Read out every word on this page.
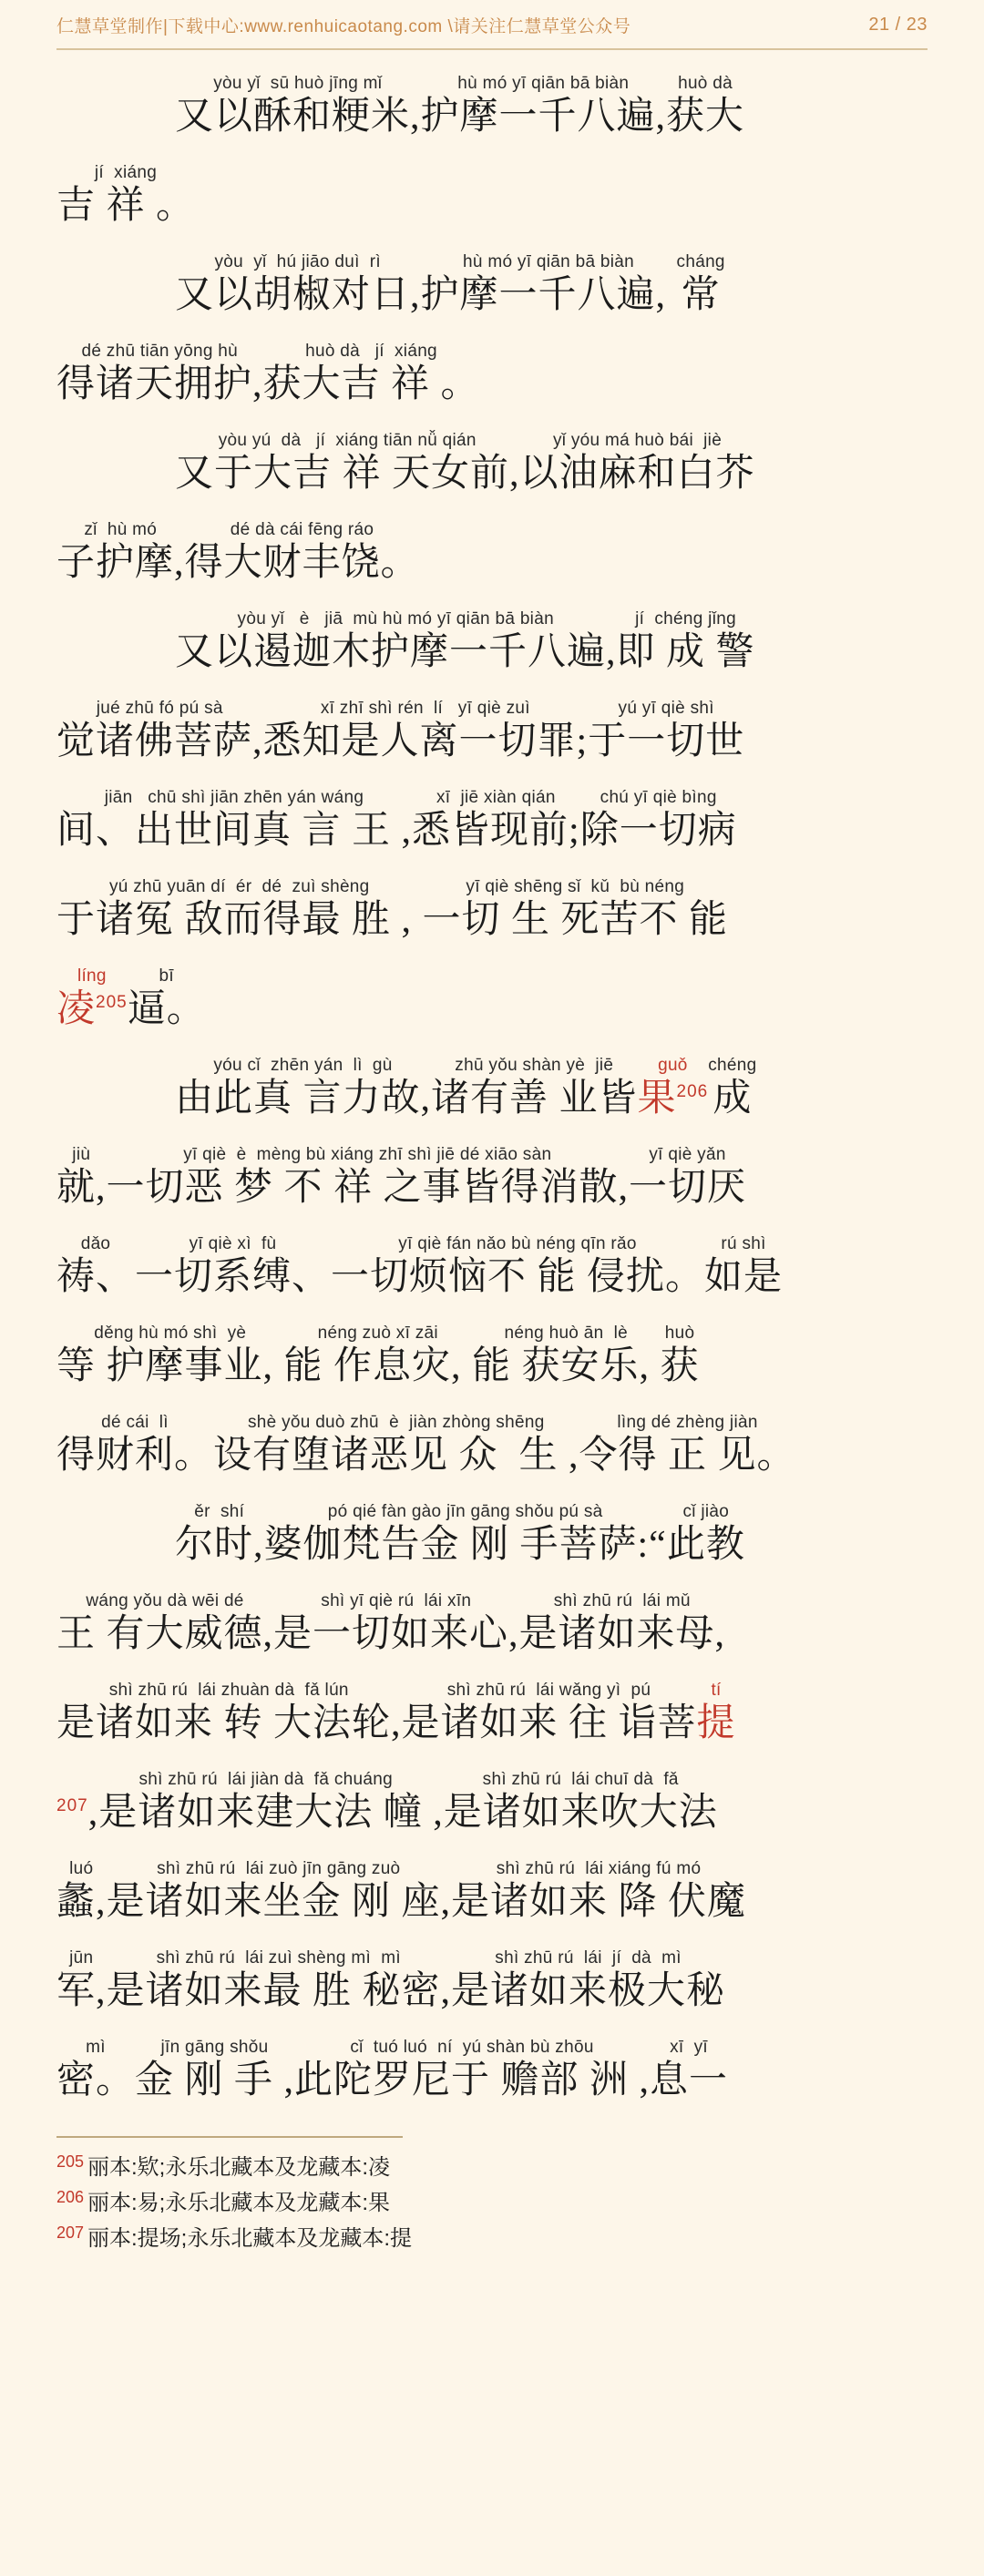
仁慧草堂制作|下载中心:www.renhuicaotang.com \请关注仁慧草堂公众号	21 / 23
yòu yǐ  sū huò jīng mǐ
又以酥和粳米,
hù mó yī qiān bā biàn
护摩一千八遍,
huò dà
获大
jí  xiáng
吉 祥 。
yòu  yǐ  hú jiāo duì  rì
又以胡椒对日,
hù mó yī qiān bā biàn
护摩一千八遍,
cháng
常
dé zhū tiān yōng hù
得诸天拥护,
huò dà   jí  xiáng
获大吉 祥 。
yòu yú  dà   jí  xiáng tiān nǚ qián
又于大吉 祥 天女前,
yǐ yóu má huò bái  jiè
以油麻和白芥
zǐ  hù mó
子护摩,
dé dà cái fēng ráo
得大财丰饶。
yòu yǐ   è   jiā  mù hù mó yī qiān bā biàn
又以遏迦木护摩一千八遍,
jí  chéng jǐng
即 成 警
jué zhū fó pú sà
觉诸佛菩萨,
xī zhī shì rén  lí   yī qiè zuì
悉知是人离一切罪;
yú yī qiè shì
于一切世
jiān   chū shì jiān zhēn yán wáng
间、出世间真 言 王 ,
xī  jiē xiàn qián
悉皆现前;
chú yī qiè bìng
除一切病
yú zhū yuān dí  ér  dé  zuì shèng
于诸冤 敌而得最 胜 ,
yī qiè shēng sǐ  kǔ  bù néng
一切 生 死苦不 能
líng
凌$^{205}$
bī
逼。
yóu cǐ  zhēn yán  lì  gù
由此真 言力故,
zhū yǒu shàn yè  jiē
诸有善 业皆
guǒ
果$^{206}$
chéng
成
jiù
就,
yī qiè  è  mèng bù xiáng zhī shì jiē dé xiāo sàn
一切恶 梦 不 祥 之事皆得消散,
yī qiè yǎn
一切厌
dǎo
祷、
yī qiè xì  fù
一切系缚、
yī qiè fán nǎo bù néng qīn rǎo
一切烦恼不 能 侵扰。
rú shì
如是
děng hù mó shì  yè
等 护摩事业,
néng zuò xī zāi
能 作息灾,
néng huò ān  lè
能 获安乐,
huò
获
dé cái  lì
得财利。
shè yǒu duò zhū  è  jiàn zhòng shēng
设有堕诸恶见 众  生 ,
lìng dé zhèng jiàn
令得 正 见。
ěr  shí
尔时,
pó qié fàn gào jīn gāng shǒu pú sà
婆伽梵告金 刚 手菩萨:“
cǐ jiào
此教
wáng yǒu dà wēi dé
王 有大威德,
shì yī qiè rú  lái xīn
是一切如来心,
shì zhū rú  lái mǔ
是诸如来母,
shì zhū rú  lái zhuàn dà  fǎ lún
是诸如来 转 大法轮,
shì zhū rú  lái wǎng yì  pú
是诸如来 往 诣菩
tí
提
$^{207}$
shì zhū rú  lái jiàn dà  fǎ chuáng
,是诸如来建大法 幢 ,
shì zhū rú  lái chuī dà  fǎ
是诸如来吹大法
luó
蠡,
shì zhū rú  lái zuò jīn gāng zuò
是诸如来坐金 刚 座,
shì zhū rú  lái xiáng fú mó
是诸如来 降 伏魔
jūn
军,
shì zhū rú  lái zuì shèng mì  mì
是诸如来最 胜 秘密,
shì zhū rú  lái  jí  dà  mì
是诸如来极大秘
mì
密。
jīn gāng shǒu
金 刚 手 ,
cǐ  tuó luó  ní  yú shàn bù zhōu
此陀罗尼于 赡部 洲 ,
xī  yī
息一
205 丽本:欵;永乐北藏本及龙藏本:凌
206 丽本:易;永乐北藏本及龙藏本:果
207 丽本:提场;永乐北藏本及龙藏本:提
